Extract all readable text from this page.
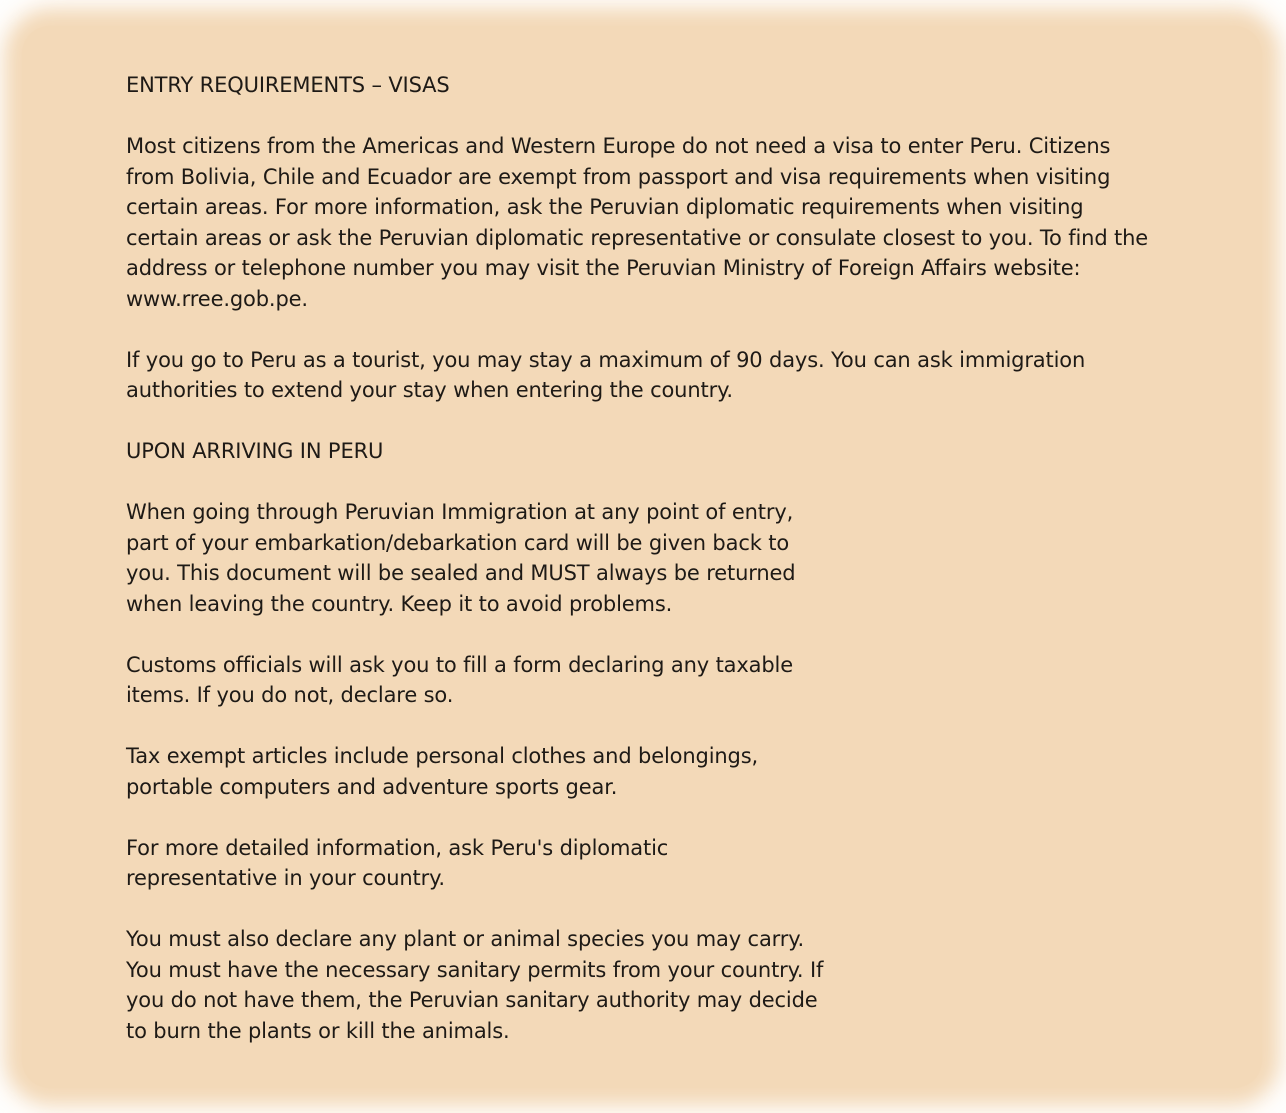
ENTRY REQUIREMENTS – VISAS

Most citizens from the Americas and Western Europe do not need a visa to enter Peru. Citizens from Bolivia, Chile and Ecuador are exempt from passport and visa requirements when visiting certain areas. For more information, ask the Peruvian diplomatic requirements when visiting certain areas or ask the Peruvian diplomatic representative or consulate closest to you. To find the address or telephone number you may visit the Peruvian Ministry of Foreign Affairs website: www.rree.gob.pe.

If you go to Peru as a tourist, you may stay a maximum of 90 days. You can ask immigration authorities to extend your stay when entering the country.

UPON ARRIVING IN PERU

When going through Peruvian Immigration at any point of entry, part of your embarkation/debarkation card will be given back to you. This document will be sealed and MUST always be returned when leaving the country. Keep it to avoid problems.

Customs officials will ask you to fill a form declaring any taxable items. If you do not, declare so.

Tax exempt articles include personal clothes and belongings, portable computers and adventure sports gear.

For more detailed information, ask Peru's diplomatic representative in your country.

You must also declare any plant or animal species you may carry. You must have the necessary sanitary permits from your country. If you do not have them, the Peruvian sanitary authority may decide to burn the plants or kill the animals.
